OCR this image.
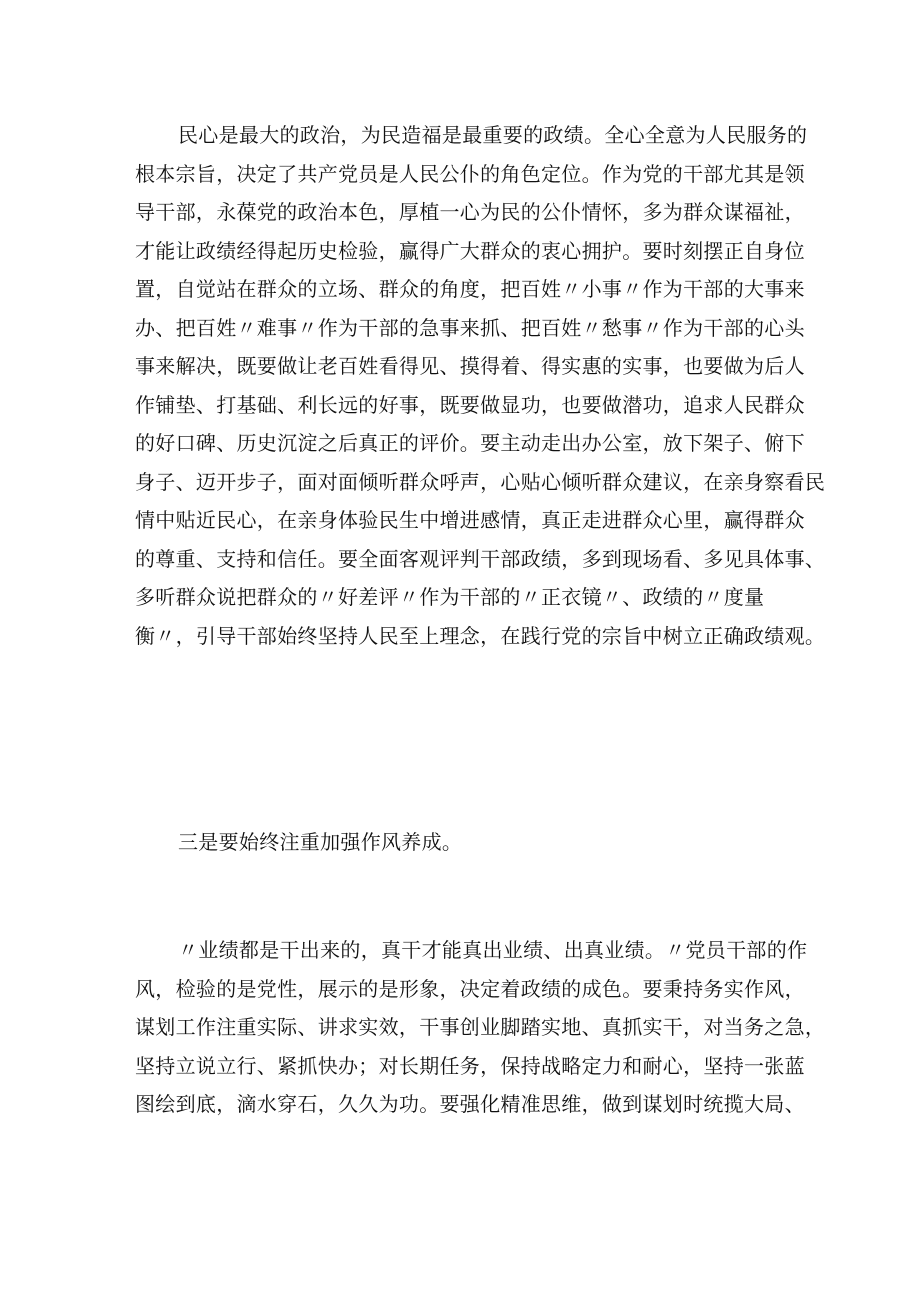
民心是最大的政治，为民造福是最重要的政绩。全心全意为人民服务的
根本宗旨，决定了共产党员是人民公仆的角色定位。作为党的干部尤其是领
导干部，永葆党的政治本色，厚植一心为民的公仆情怀，多为群众谋福祉，
才能让政绩经得起历史检验，赢得广大群众的衷心拥护。要时刻摆正自身位
置，自觉站在群众的立场、群众的角度，把百姓〃小事〃作为干部的大事来
办、把百姓〃难事〃作为干部的急事来抓、把百姓〃愁事〃作为干部的心头
事来解决，既要做让老百姓看得见、摸得着、得实惠的实事，也要做为后人
作铺垫、打基础、利长远的好事，既要做显功，也要做潜功，追求人民群众
的好口碑、历史沉淀之后真正的评价。要主动走出办公室，放下架子、俯下
身子、迈开步子，面对面倾听群众呼声，心贴心倾听群众建议，在亲身察看民
情中贴近民心，在亲身体验民生中增进感情，真正走进群众心里，赢得群众
的尊重、支持和信任。要全面客观评判干部政绩，多到现场看、多见具体事、
多听群众说把群众的〃好差评〃作为干部的〃正衣镜〃、政绩的〃度量
衡〃，引导干部始终坚持人民至上理念，在践行党的宗旨中树立正确政绩观。
三是要始终注重加强作风养成。
〃业绩都是干出来的，真干才能真出业绩、出真业绩。〃党员干部的作
风，检验的是党性，展示的是形象，决定着政绩的成色。要秉持务实作风，
谋划工作注重实际、讲求实效，干事创业脚踏实地、真抓实干，对当务之急，
坚持立说立行、紧抓快办；对长期任务，保持战略定力和耐心，坚持一张蓝
图绘到底，滴水穿石，久久为功。要强化精准思维，做到谋划时统揽大局、
